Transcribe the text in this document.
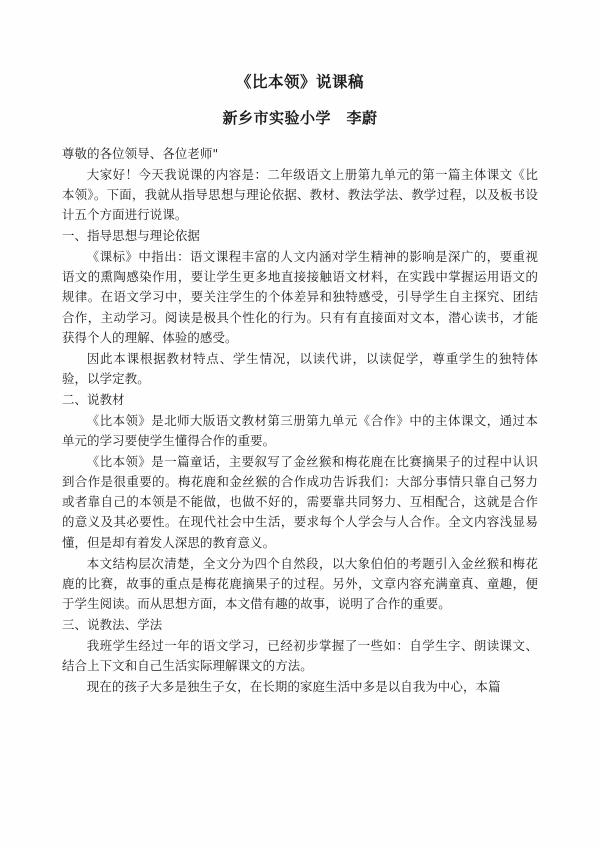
《比本领》说课稿
新乡市实验小学　李蔚

尊敬的各位领导、各位老师"

大家好！今天我说课的内容是：二年级语文上册第九单元的第一篇主体课文《比本领》。下面，我就从指导思想与理论依据、教材、教法学法、教学过程，以及板书设计五个方面进行说课。

一、指导思想与理论依据

《课标》中指出：语文课程丰富的人文内涵对学生精神的影响是深广的，要重视语文的熏陶感染作用，要让学生更多地直接接触语文材料，在实践中掌握运用语文的规律。在语文学习中，要关注学生的个体差异和独特感受，引导学生自主探究、团结合作，主动学习。阅读是极具个性化的行为。只有有直接面对文本，潜心读书，才能获得个人的理解、体验的感受。

因此本课根据教材特点、学生情况，以读代讲，以读促学，尊重学生的独特体验，以学定教。

二、说教材

《比本领》是北师大版语文教材第三册第九单元《合作》中的主体课文，通过本单元的学习要使学生懂得合作的重要。

《比本领》是一篇童话，主要叙写了金丝猴和梅花鹿在比赛摘果子的过程中认识到合作是很重要的。梅花鹿和金丝猴的合作成功告诉我们：大部分事情只靠自己努力或者靠自己的本领是不能做，也做不好的，需要靠共同努力、互相配合，这就是合作的意义及其必要性。在现代社会中生活，要求每个人学会与人合作。全文内容浅显易懂，但是却有着发人深思的教育意义。

本文结构层次清楚，全文分为四个自然段，以大象伯伯的考题引入金丝猴和梅花鹿的比赛，故事的重点是梅花鹿摘果子的过程。另外，文章内容充满童真、童趣，便于学生阅读。而从思想方面，本文借有趣的故事，说明了合作的重要。

三、说教法、学法

我班学生经过一年的语文学习，已经初步掌握了一些如：自学生字、朗读课文、结合上下文和自己生活实际理解课文的方法。

现在的孩子大多是独生子女，在长期的家庭生活中多是以自我为中心，本篇
